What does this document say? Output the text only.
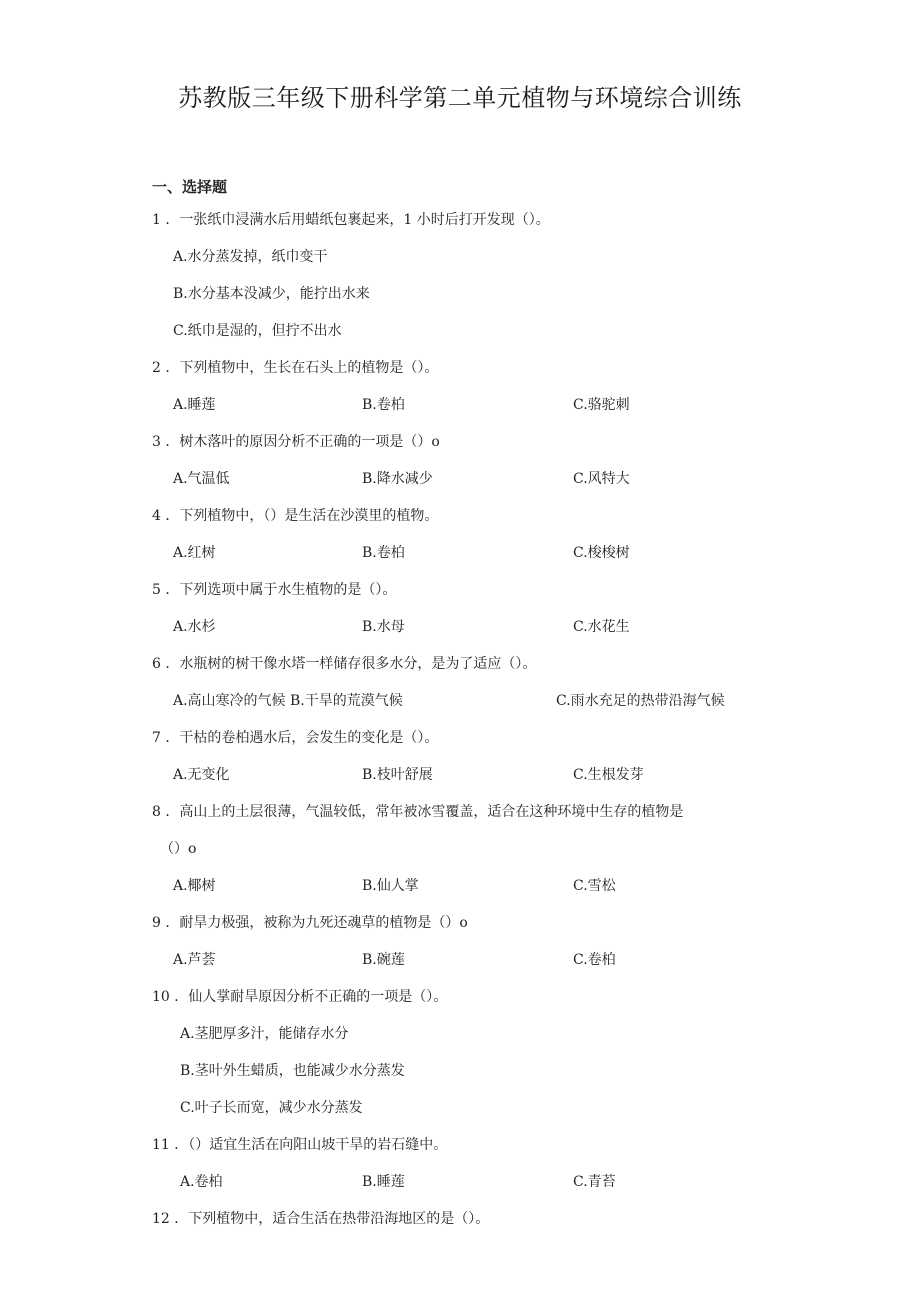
苏教版三年级下册科学第二单元植物与环境综合训练
一、选择题
1 ．一张纸巾浸满水后用蜡纸包裹起来，1 小时后打开发现（）。
A.水分蒸发掉，纸巾变干
B.水分基本没减少，能拧出水来
C.纸巾是湿的，但拧不出水
2 ．下列植物中，生长在石头上的植物是（）。
A.睡莲	B.卷柏	C.骆驼刺
3 ．树木落叶的原因分析不正确的一项是（）o
A.气温低	B.降水减少	C.风特大
4 ．下列植物中，（）是生活在沙漠里的植物。
A.红树	B.卷柏	C.梭梭树
5 ．下列选项中属于水生植物的是（）。
A.水杉	B.水母	C.水花生
6 ．水瓶树的树干像水塔一样储存很多水分，是为了适应（）。
A.高山寒冷的气候 B.干旱的荒漠气候	C.雨水充足的热带沿海气候
7 ．干枯的卷柏遇水后，会发生的变化是（）。
A.无变化	B.枝叶舒展	C.生根发芽
8 ．高山上的土层很薄，气温较低，常年被冰雪覆盖，适合在这种环境中生存的植物是
（）o
A.椰树	B.仙人掌	C.雪松
9 ．耐旱力极强，被称为九死还魂草的植物是（）o
A.芦荟	B.碗莲	C.卷柏
10 ．仙人掌耐旱原因分析不正确的一项是（）。
A.茎肥厚多汁，能储存水分
B.茎叶外生蜡质，也能减少水分蒸发
C.叶子长而宽，减少水分蒸发
11 ．（）适宜生活在向阳山坡干旱的岩石缝中。
A.卷柏	B.睡莲	C.青苔
12 ．下列植物中，适合生活在热带沿海地区的是（）。
